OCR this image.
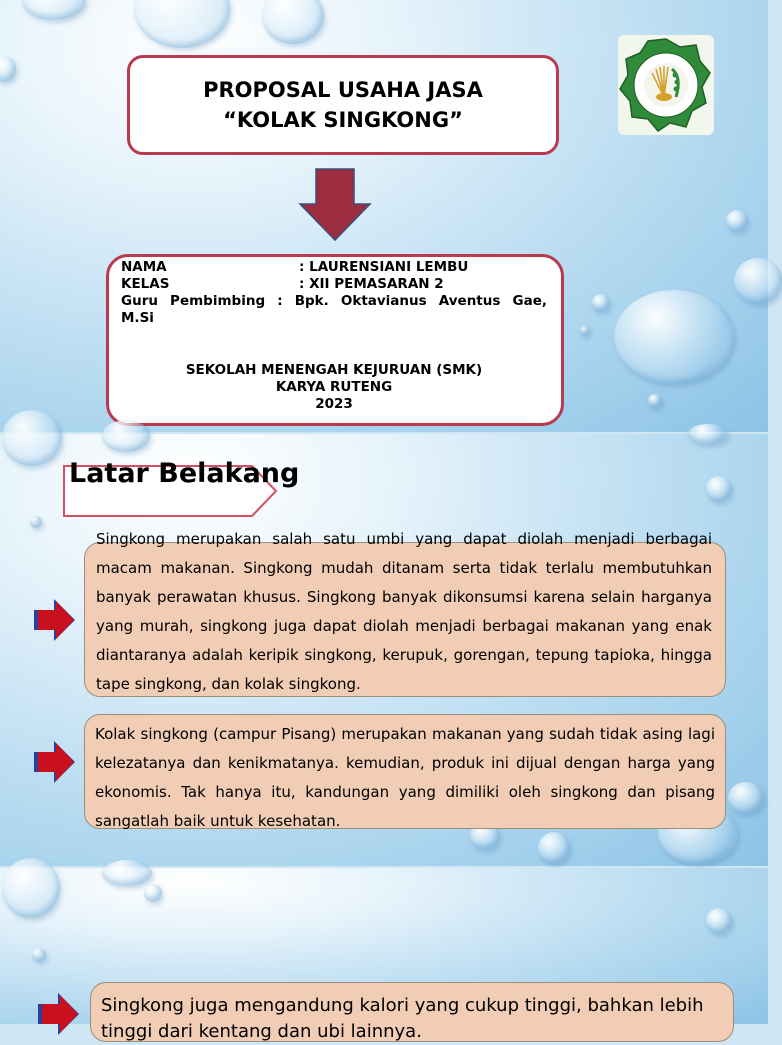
PROPOSAL USAHA JASA
“KOLAK SINGKONG”
NAMA	: LAURENSIANI LEMBU
KELAS	: XII PEMASARAN 2
Guru Pembimbing : Bpk. Oktavianus Aventus Gae, M.Si
SEKOLAH MENENGAH KEJURUAN (SMK)
KARYA RUTENG
2023
Latar Belakang
Singkong merupakan salah satu umbi yang dapat diolah menjadi berbagai macam makanan. Singkong mudah ditanam serta tidak terlalu membutuhkan banyak perawatan khusus. Singkong banyak dikonsumsi karena selain harganya yang murah, singkong juga dapat diolah menjadi berbagai makanan yang enak diantaranya adalah keripik singkong, kerupuk, gorengan, tepung tapioka, hingga tape singkong, dan kolak singkong.
Kolak singkong (campur Pisang) merupakan makanan yang sudah tidak asing lagi kelezatanya dan kenikmatanya. kemudian, produk ini dijual dengan harga yang ekonomis. Tak hanya itu, kandungan yang dimiliki oleh singkong dan pisang sangatlah baik untuk kesehatan.
Singkong juga mengandung kalori yang cukup tinggi, bahkan lebih tinggi dari kentang dan ubi lainnya.
